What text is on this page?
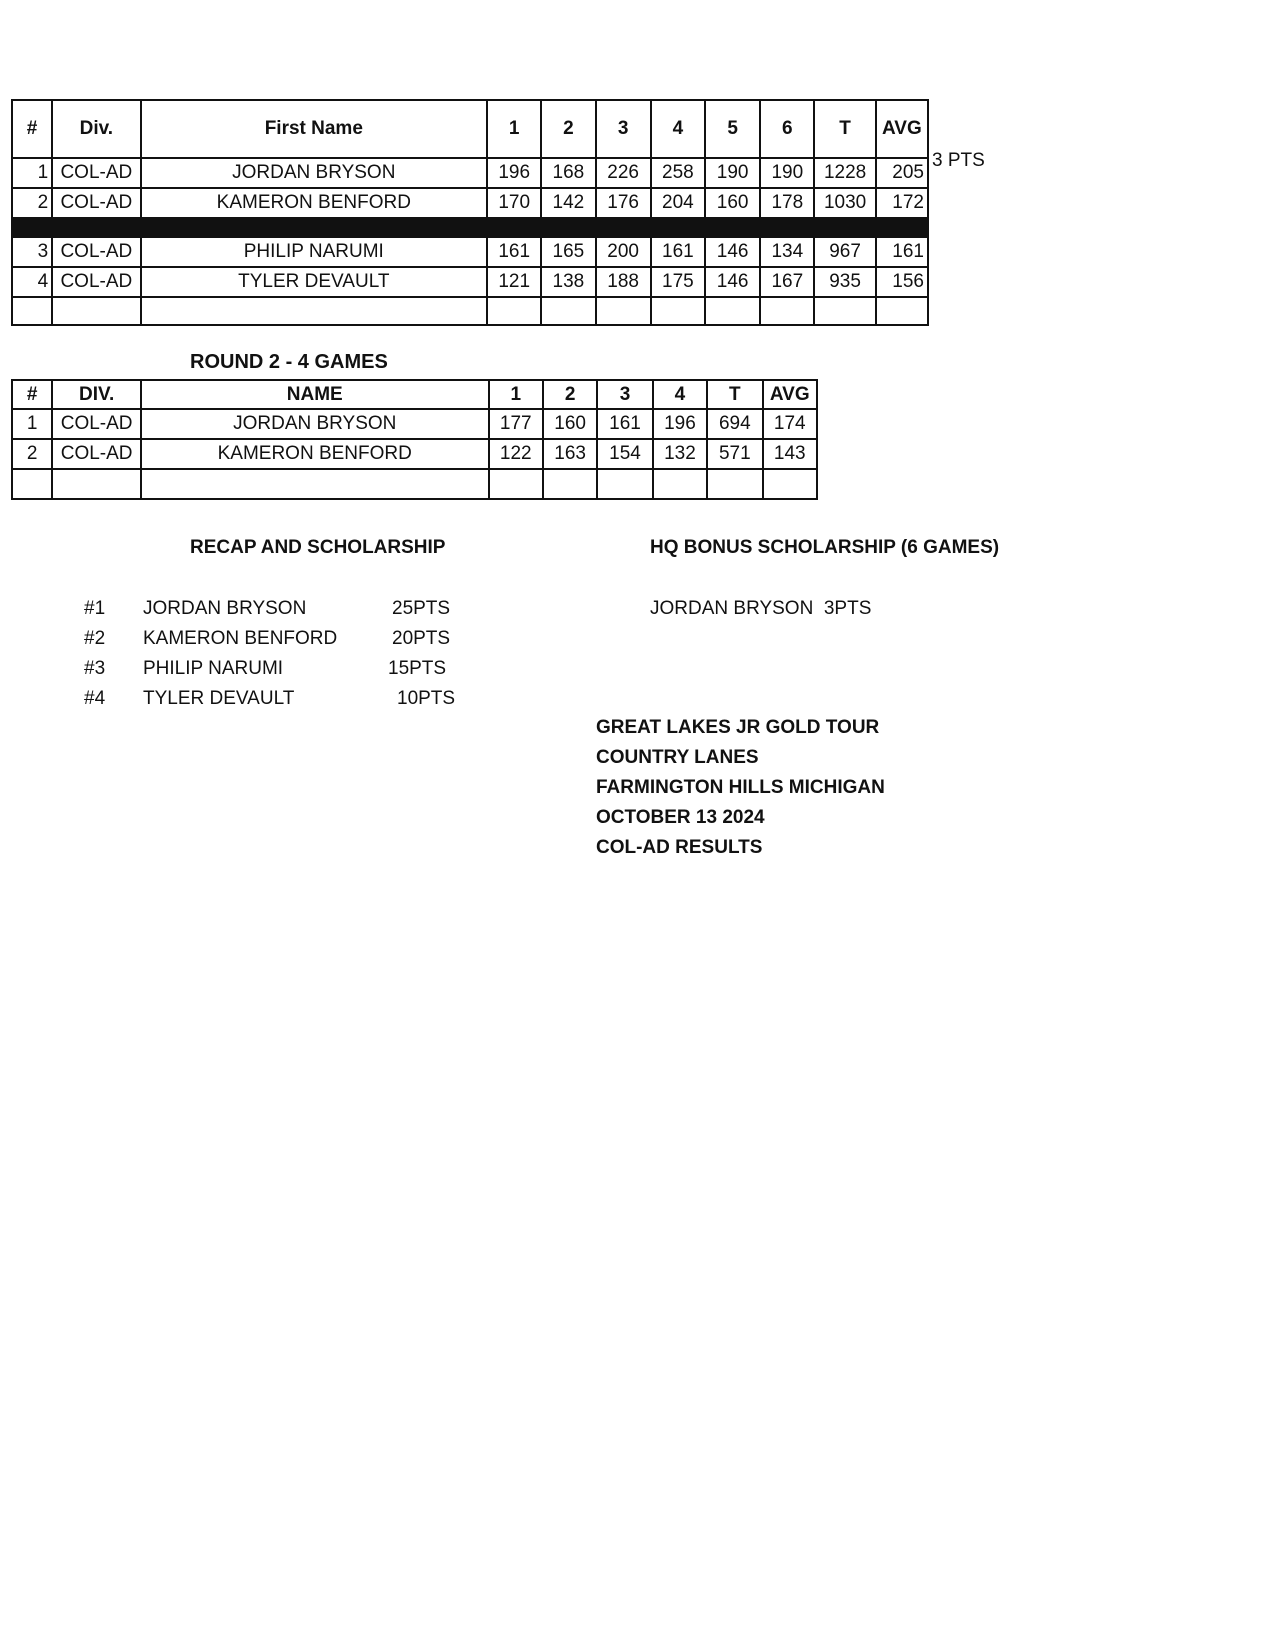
#	Div.	First Name	1	2	3	4	5	6	T	AVG
1	COL-AD	JORDAN BRYSON	196	168	226	258	190	190	1228	205
2	COL-AD	KAMERON BENFORD	170	142	176	204	160	178	1030	172

3	COL-AD	PHILIP NARUMI	161	165	200	161	146	134	967	161
4	COL-AD	TYLER DEVAULT	121	138	188	175	146	167	935	156

3 PTS
ROUND 2 - 4 GAMES
#	DIV.	NAME	1	2	3	4	T	AVG
1	COL-AD	JORDAN BRYSON	177	160	161	196	694	174
2	COL-AD	KAMERON BENFORD	122	163	154	132	571	143

RECAP AND SCHOLARSHIP
#1 JORDAN BRYSON	25PTS
#2 KAMERON BENFORD	20PTS
#3 PHILIP NARUMI	15PTS
#4 TYLER DEVAULT	10PTS
HQ BONUS SCHOLARSHIP (6 GAMES)
JORDAN BRYSON  3PTS
GREAT LAKES JR GOLD TOUR
COUNTRY LANES
FARMINGTON HILLS MICHIGAN
OCTOBER 13 2024
COL-AD RESULTS
